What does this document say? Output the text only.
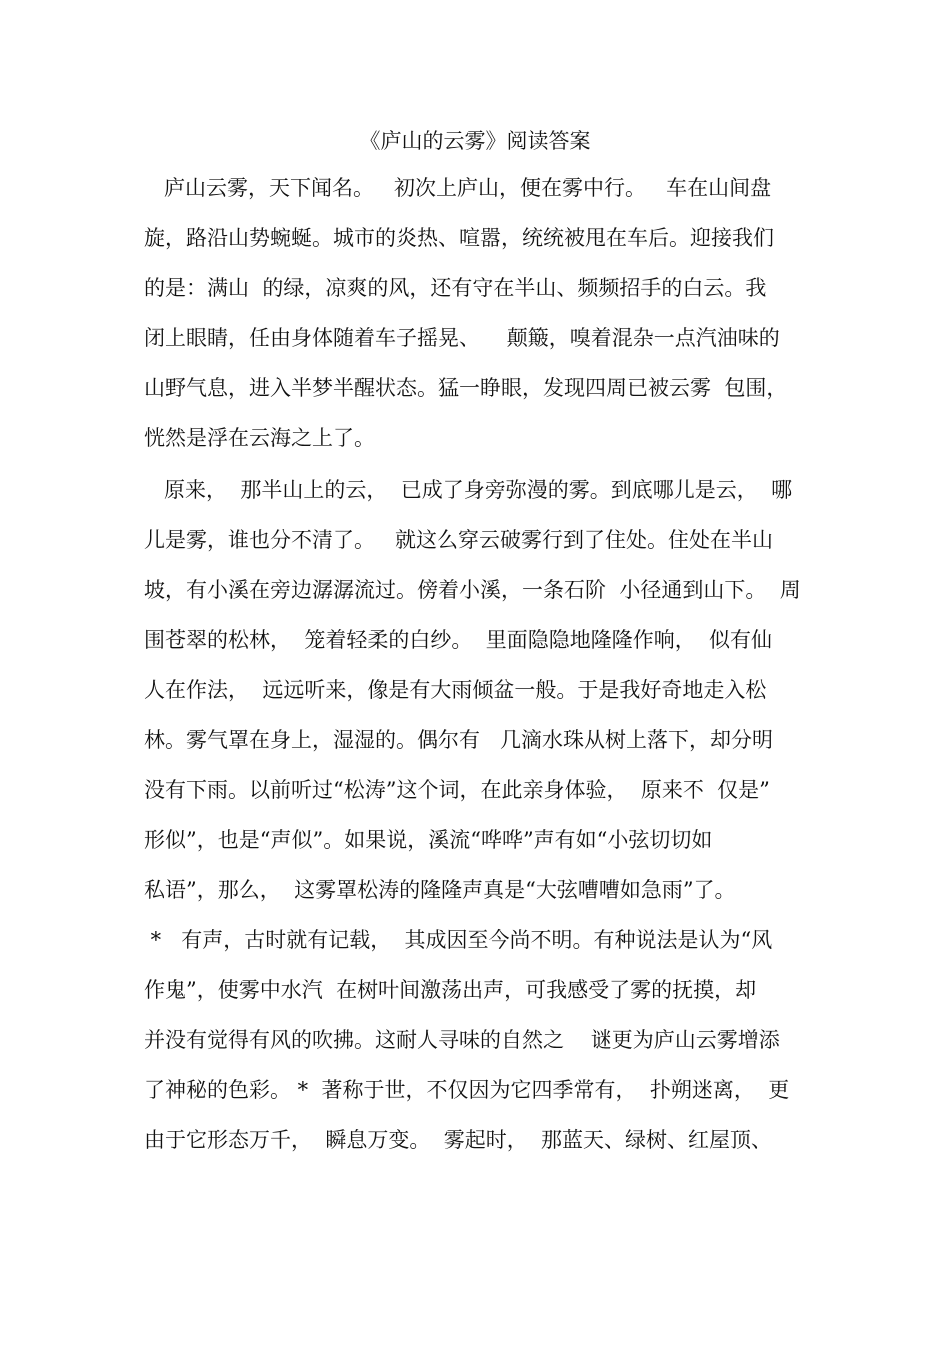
《庐山的云雾》阅读答案
庐山云雾，天下闻名。   初次上庐山，便在雾中行。   车在山间盘
旋，路沿山势蜿蜒。城市的炎热、喧嚣，统统被甩在车后。迎接我们
的是：满山  的绿，凉爽的风，还有守在半山、频频招手的白云。我
闭上眼睛，任由身体随着车子摇晃、    颠簸，嗅着混杂一点汽油味的
山野气息，进入半梦半醒状态。猛一睁眼，发现四周已被云雾  包围，
恍然是浮在云海之上了。
原来，  那半山上的云，  已成了身旁弥漫的雾。到底哪儿是云，  哪
儿是雾，谁也分不清了。   就这么穿云破雾行到了住处。住处在半山
坡，有小溪在旁边潺潺流过。傍着小溪，一条石阶  小径通到山下。  周
围苍翠的松林，  笼着轻柔的白纱。  里面隐隐地隆隆作响，  似有仙
人在作法，  远远听来，像是有大雨倾盆一般。于是我好奇地走入松
林。雾气罩在身上，湿湿的。偶尔有   几滴水珠从树上落下，却分明
没有下雨。以前听过“松涛”这个词，在此亲身体验，  原来不  仅是”
形似”，也是“声似”。如果说，溪流“哗哗”声有如“小弦切切如
私语”，那么，  这雾罩松涛的隆隆声真是“大弦嘈嘈如急雨”了。
*   有声，古时就有记载，  其成因至今尚不明。有种说法是认为“风
作鬼”，使雾中水汽  在树叶间激荡出声，可我感受了雾的抚摸，却
并没有觉得有风的吹拂。这耐人寻味的自然之    谜更为庐山云雾增添
了神秘的色彩。 *  著称于世，不仅因为它四季常有，  扑朔迷离，  更
由于它形态万千，  瞬息万变。  雾起时，  那蓝天、绿树、红屋顶、
